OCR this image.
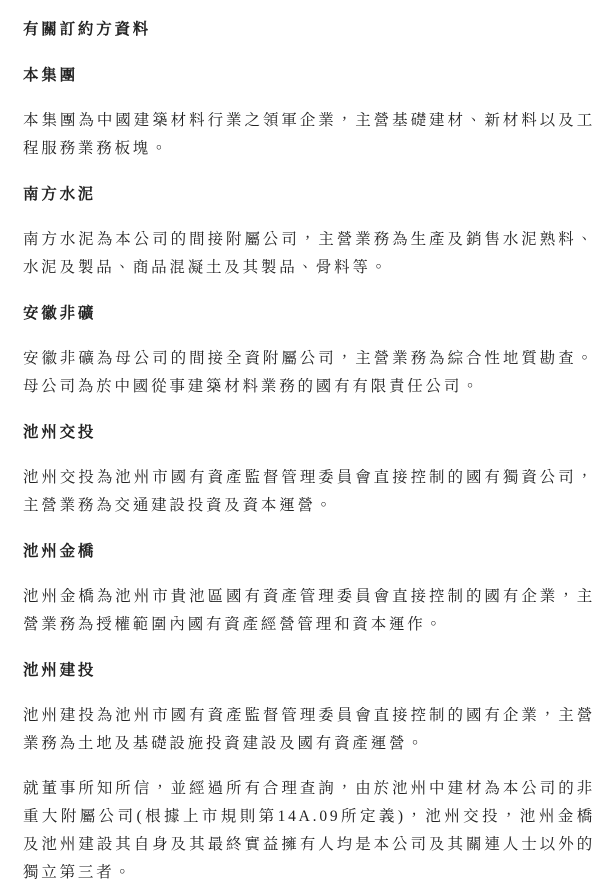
有關訂約方資料
本集團

本集團為中國建築材料行業之領軍企業，主營基礎建材、新材料以及工程服務業務板塊。

南方水泥

南方水泥為本公司的間接附屬公司，主營業務為生產及銷售水泥熟料、水泥及製品、商品混凝土及其製品、骨料等。

安徽非礦

安徽非礦為母公司的間接全資附屬公司，主營業務為綜合性地質勘查。母公司為於中國從事建築材料業務的國有有限責任公司。

池州交投

池州交投為池州市國有資產監督管理委員會直接控制的國有獨資公司，主營業務為交通建設投資及資本運營。

池州金橋

池州金橋為池州市貴池區國有資產管理委員會直接控制的國有企業，主營業務為授權範圍內國有資產經營管理和資本運作。

池州建投

池州建投為池州市國有資產監督管理委員會直接控制的國有企業，主營業務為土地及基礎設施投資建設及國有資產運營。

就董事所知所信，並經過所有合理查詢，由於池州中建材為本公司的非重大附屬公司(根據上市規則第14A.09所定義)，池州交投，池州金橋及池州建設其自身及其最終實益擁有人均是本公司及其關連人士以外的獨立第三者。
